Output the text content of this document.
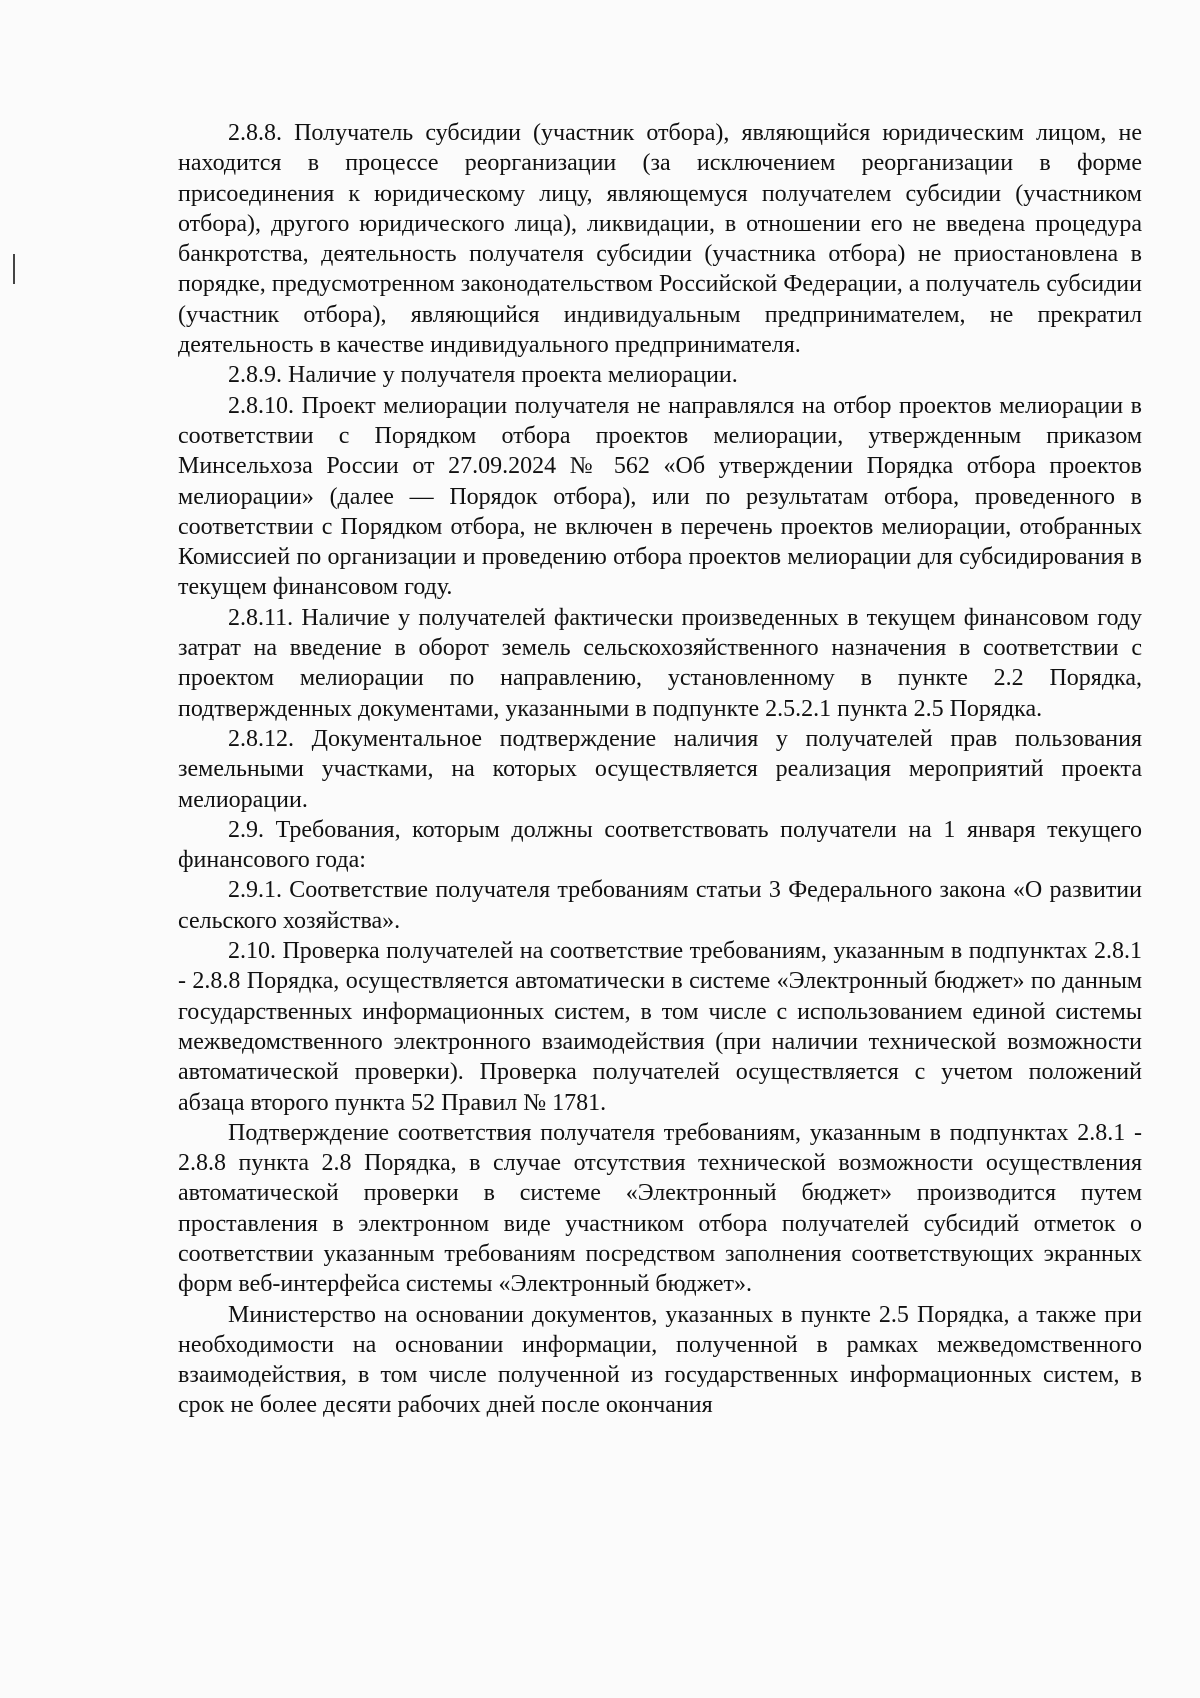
2.8.8. Получатель субсидии (участник отбора), являющийся юридическим лицом, не находится в процессе реорганизации (за исключением реорганизации в форме присоединения к юридическому лицу, являющемуся получателем субсидии (участником отбора), другого юридического лица), ликвидации, в отношении его не введена процедура банкротства, деятельность получателя субсидии (участника отбора) не приостановлена в порядке, предусмотренном законодательством Российской Федерации, а получатель субсидии (участник отбора), являющийся индивидуальным предпринимателем, не прекратил деятельность в качестве индивидуального предпринимателя.

2.8.9. Наличие у получателя проекта мелиорации.

2.8.10. Проект мелиорации получателя не направлялся на отбор проектов мелиорации в соответствии с Порядком отбора проектов мелиорации, утвержденным приказом Минсельхоза России от 27.09.2024 № 562 «Об утверждении Порядка отбора проектов мелиорации» (далее — Порядок отбора), или по результатам отбора, проведенного в соответствии с Порядком отбора, не включен в перечень проектов мелиорации, отобранных Комиссией по организации и проведению отбора проектов мелиорации для субсидирования в текущем финансовом году.

2.8.11. Наличие у получателей фактически произведенных в текущем финансовом году затрат на введение в оборот земель сельскохозяйственного назначения в соответствии с проектом мелиорации по направлению, установленному в пункте 2.2 Порядка, подтвержденных документами, указанными в подпункте 2.5.2.1 пункта 2.5 Порядка.

2.8.12. Документальное подтверждение наличия у получателей прав пользования земельными участками, на которых осуществляется реализация мероприятий проекта мелиорации.

2.9. Требования, которым должны соответствовать получатели на 1 января текущего финансового года:

2.9.1. Соответствие получателя требованиям статьи 3 Федерального закона «О развитии сельского хозяйства».

2.10. Проверка получателей на соответствие требованиям, указанным в подпунктах 2.8.1 - 2.8.8 Порядка, осуществляется автоматически в системе «Электронный бюджет» по данным государственных информационных систем, в том числе с использованием единой системы межведомственного электронного взаимодействия (при наличии технической возможности автоматической проверки). Проверка получателей осуществляется с учетом положений абзаца второго пункта 52 Правил № 1781.

Подтверждение соответствия получателя требованиям, указанным в подпунктах 2.8.1 - 2.8.8 пункта 2.8 Порядка, в случае отсутствия технической возможности осуществления автоматической проверки в системе «Электронный бюджет» производится путем проставления в электронном виде участником отбора получателей субсидий отметок о соответствии указанным требованиям посредством заполнения соответствующих экранных форм веб-интерфейса системы «Электронный бюджет».

Министерство на основании документов, указанных в пункте 2.5 Порядка, а также при необходимости на основании информации, полученной в рамках межведомственного взаимодействия, в том числе полученной из государственных информационных систем, в срок не более десяти рабочих дней после окончания
